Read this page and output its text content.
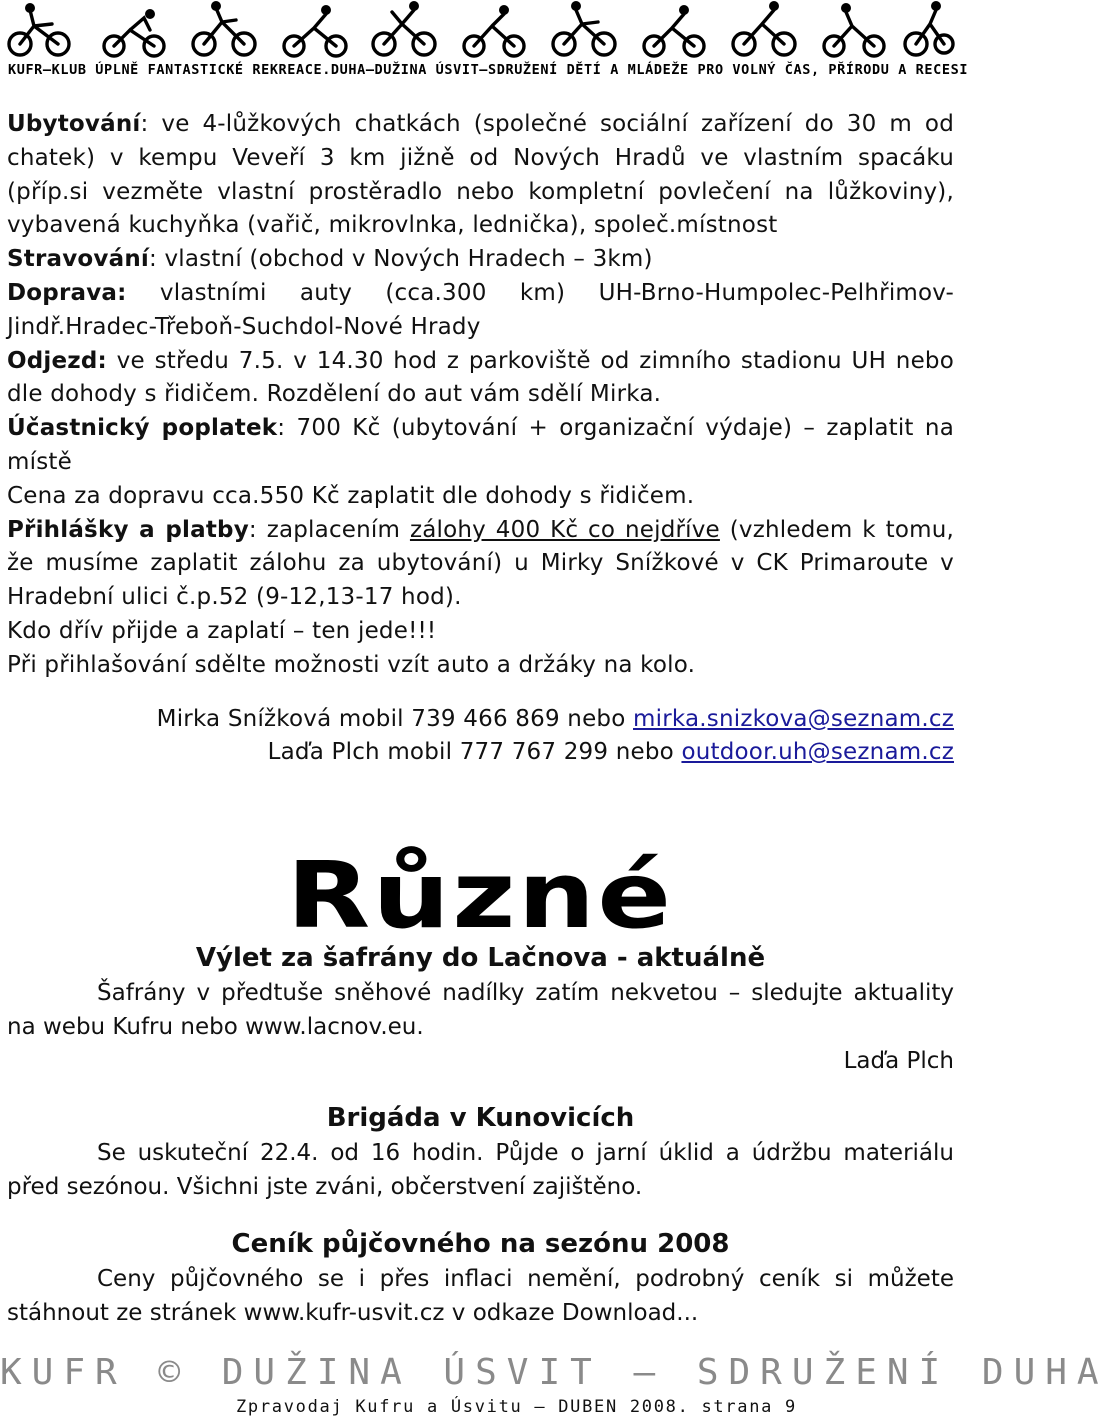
KUFR–KLUB ÚPLNĚ FANTASTICKÉ REKREACE.DUHA–DUŽINA ÚSVIT–SDRUŽENÍ DĚTÍ A MLÁDEŽE PRO VOLNÝ ČAS, PŘÍRODU A RECESI

Ubytování: ve 4-lůžkových chatkách (společné sociální zařízení do 30 m od chatek) v kempu Veveří 3 km jižně od Nových Hradů ve vlastním spacáku (příp.si vezměte vlastní prostěradlo nebo kompletní povlečení na lůžkoviny), vybavená kuchyňka (vařič, mikrovlnka, lednička), společ.místnost

Stravování: vlastní (obchod v Nových Hradech – 3km)

Doprava: vlastními auty (cca.300 km) UH-Brno-Humpolec-Pelhřimov-Jindř.Hradec-Třeboň-Suchdol-Nové Hrady

Odjezd: ve středu 7.5. v 14.30 hod z parkoviště od zimního stadionu UH nebo dle dohody s řidičem. Rozdělení do aut vám sdělí Mirka.

Účastnický poplatek: 700 Kč (ubytování + organizační výdaje) – zaplatit na místě

Cena za dopravu cca.550 Kč zaplatit dle dohody s řidičem.

Přihlášky a platby: zaplacením zálohy 400 Kč co nejdříve (vzhledem k tomu, že musíme zaplatit zálohu za ubytování) u Mirky Snížkové v CK Primaroute v Hradební ulici č.p.52 (9-12,13-17 hod).

Kdo dřív přijde a zaplatí – ten jede!!!

Při přihlašování sdělte možnosti vzít auto a držáky na kolo.

Mirka Snížková mobil 739 466 869 nebo mirka.snizkova@seznam.cz

Laďa Plch mobil 777 767 299 nebo outdoor.uh@seznam.cz

Různé

Výlet za šafrány do Lačnova - aktuálně

Šafrány v předtuše sněhové nadílky zatím nekvetou – sledujte aktuality na webu Kufru nebo www.lacnov.eu.

Laďa Plch

Brigáda v Kunovicích

Se uskuteční 22.4. od 16 hodin. Půjde o jarní úklid a údržbu materiálu před sezónou. Všichni jste zváni, občerstvení zajištěno.

Ceník půjčovného na sezónu 2008

Ceny půjčovného se i přes inflaci nemění, podrobný ceník si můžete stáhnout ze stránek www.kufr-usvit.cz v odkaze Download...

KUFR © DUŽINA ÚSVIT – SDRUŽENÍ DUHA
Zpravodaj Kufru a Úsvitu – DUBEN 2008. strana 9
